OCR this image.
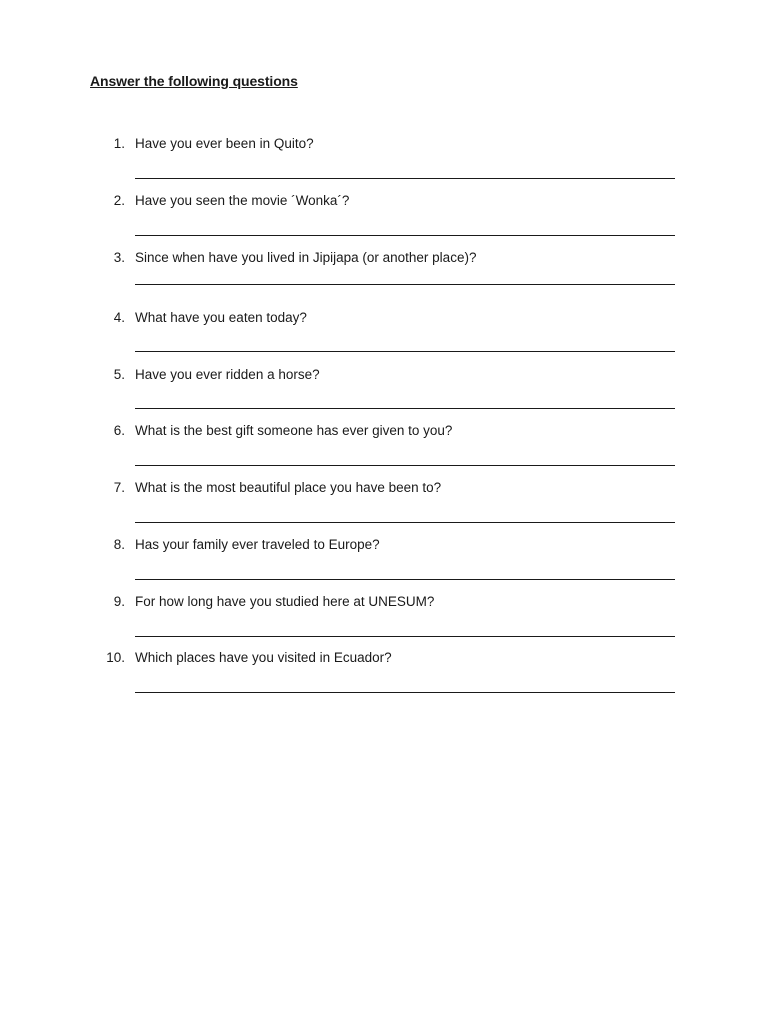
Answer the following questions
1. Have you ever been in Quito?
2. Have you seen the movie ´Wonka´?
3. Since when have you lived in Jipijapa (or another place)?
4. What have you eaten today?
5. Have you ever ridden a horse?
6. What is the best gift someone has ever given to you?
7. What is the most beautiful place you have been to?
8. Has your family ever traveled to Europe?
9. For how long have you studied here at UNESUM?
10. Which places have you visited in Ecuador?
